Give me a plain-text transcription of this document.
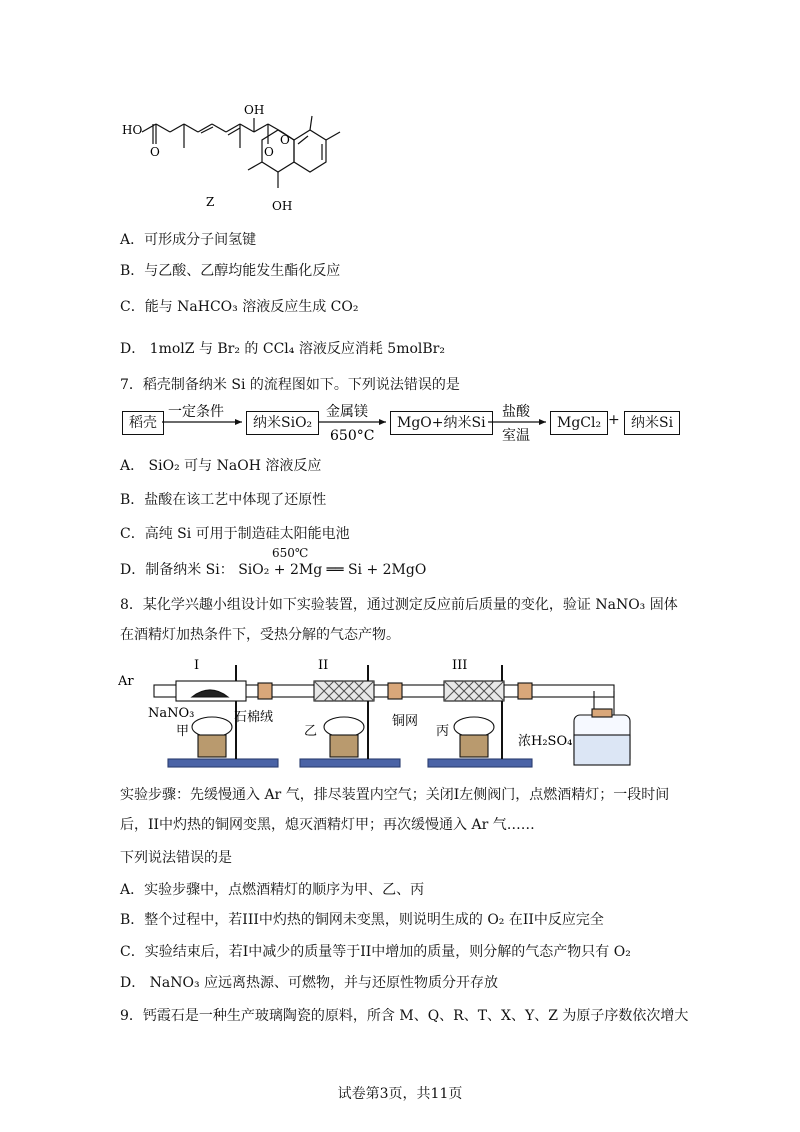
HO
O
OH
O
O
OH
Z
A．可形成分子间氢键
B．与乙酸、乙醇均能发生酯化反应
C．能与 NaHCO₃ 溶液反应生成 CO₂
D． 1molZ 与 Br₂ 的 CCl₄ 溶液反应消耗 5molBr₂
7．稻壳制备纳米 Si 的流程图如下。下列说法错误的是
稻壳
一定条件
纳米SiO₂
金属镁
650°C
MgO+纳米Si
盐酸
室温
MgCl₂ + 纳米Si
A． SiO₂ 可与 NaOH 溶液反应
B．盐酸在该工艺中体现了还原性
C．高纯 Si 可用于制造硅太阳能电池
D．制备纳米 Si： SiO₂ + 2Mg ══ Si + 2MgO
650℃
8．某化学兴趣小组设计如下实验装置，通过测定反应前后质量的变化，验证 NaNO₃ 固体在酒精灯加热条件下，受热分解的气态产物。
Ar
I	II	III
NaNO₃	石棉绒	铜网
甲	乙	丙
浓H₂SO₄
实验步骤：先缓慢通入 Ar 气，排尽装置内空气；关闭I左侧阀门，点燃酒精灯；一段时间后，II中灼热的铜网变黑，熄灭酒精灯甲；再次缓慢通入 Ar 气……
下列说法错误的是
A．实验步骤中，点燃酒精灯的顺序为甲、乙、丙
B．整个过程中，若III中灼热的铜网未变黑，则说明生成的 O₂ 在II中反应完全
C．实验结束后，若I中减少的质量等于II中增加的质量，则分解的气态产物只有 O₂
D． NaNO₃ 应远离热源、可燃物，并与还原性物质分开存放
9．钙霞石是一种生产玻璃陶瓷的原料，所含 M、Q、R、T、X、Y、Z 为原子序数依次增大
试卷第3页，共11页
